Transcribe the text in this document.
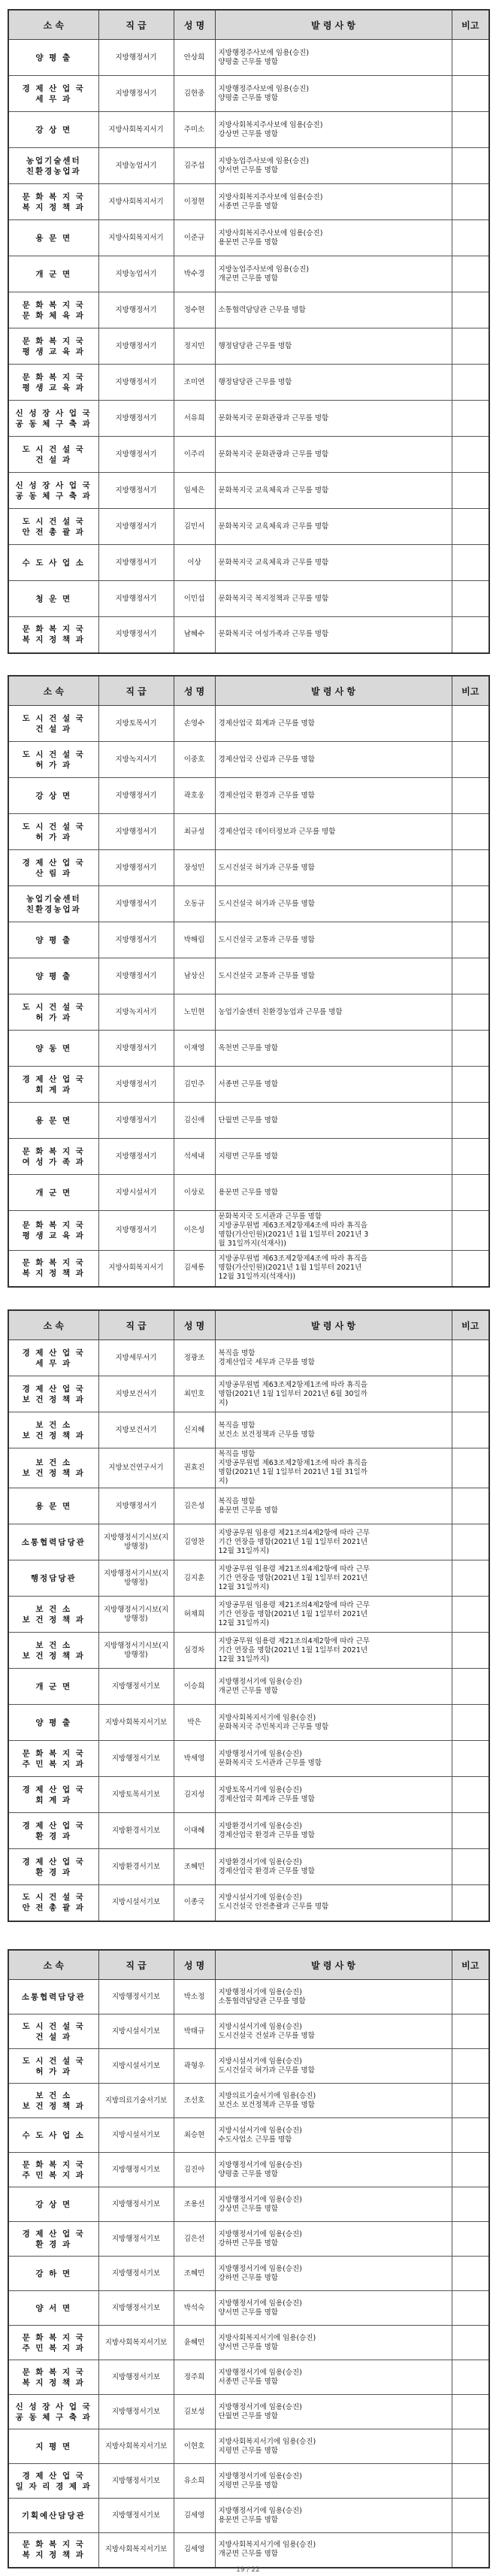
소 속	직 급	성 명	발 령 사 항	비고
양 평 출	지방행정서기	안상희	지방행정주사보에 임용(승진)
양평출 근무를 명함	
경 제 산 업 국
세 무 과	지방행정서기	김현중	지방행정주사보에 임용(승진)
양평출 근무를 명함	
강 상 면	지방사회복지서기	주미소	지방사회복지주사보에 임용(승진)
강상면 근무를 명함	
농업기술센터
친환경농업과	지방농업서기	김주섭	지방농업주사보에 임용(승진)
양서면 근무를 명함	
문 화 복 지 국
복 지 정 책 과	지방사회복지서기	이정현	지방사회복지주사보에 임용(승진)
서종면 근무를 명함	
용 문 면	지방사회복지서기	이준규	지방사회복지주사보에 임용(승진)
용문면 근무를 명함	
개 군 면	지방농업서기	박수경	지방농업주사보에 임용(승진)
개군면 근무를 명함	
문 화 복 지 국
문 화 체 육 과	지방행정서기	정수현	소통협력담당관 근무를 명함	
문 화 복 지 국
평 생 교 육 과	지방행정서기	정지민	행정담당관 근무를 명함	
문 화 복 지 국
평 생 교 육 과	지방행정서기	조미연	행정담당관 근무를 명함	
신 성 장 사 업 국
공 동 체 구 축 과	지방행정서기	서유희	문화복지국 문화관광과 근무를 명함	
도 시 건 설 국
건 설 과	지방행정서기	이주리	문화복지국 문화관광과 근무를 명함	
신 성 장 사 업 국
공 동 체 구 축 과	지방행정서기	임세은	문화복지국 교육체육과 근무를 명함	
도 시 건 설 국
안 전 총 괄 과	지방행정서기	김민서	문화복지국 교육체육과 근무를 명함	
수 도 사 업 소	지방행정서기	이상	문화복지국 교육체육과 근무를 명함	
청 운 면	지방행정서기	이민섭	문화복지국 복지정책과 근무를 명함	
문 화 복 지 국
복 지 정 책 과	지방행정서기	남혜수	문화복지국 여성가족과 근무를 명함	
소 속	직 급	성 명	발 령 사 항	비고
도 시 건 설 국
건 설 과	지방토목서기	손영수	경제산업국 회계과 근무를 명함	
도 시 건 설 국
허 가 과	지방녹지서기	이중호	경제산업국 산림과 근무를 명함	
강 상 면	지방행정서기	곽호웅	경제산업국 환경과 근무를 명함	
도 시 건 설 국
허 가 과	지방행정서기	최규성	경제산업국 데이터정보과 근무를 명함	
경 제 산 업 국
산 림 과	지방행정서기	장성민	도시건설국 허가과 근무를 명함	
농업기술센터
친환경농업과	지방행정서기	오동규	도시건설국 허가과 근무를 명함	
양 평 출	지방행정서기	박해림	도시건설국 교통과 근무를 명함	
양 평 출	지방행정서기	남상신	도시건설국 교통과 근무를 명함	
도 시 건 설 국
허 가 과	지방녹지서기	노민현	농업기술센터 친환경농업과 근무를 명함	
양 동 면	지방행정서기	이재영	옥천면 근무를 명함	
경 제 산 업 국
회 계 과	지방행정서기	김민주	서종면 근무를 명함	
용 문 면	지방행정서기	김신애	단월면 근무를 명함	
문 화 복 지 국
여 성 가 족 과	지방행정서기	석세내	지평면 근무를 명함	
개 군 면	지방시설서기	이상로	용문면 근무를 명함	
문 화 복 지 국
평 생 교 육 과	지방행정서기	이은성	문화복지국 도서관과 근무를 명함
지방공무원법 제63조제2항제4조에 따라 휴직을
명함(가산인원)(2021년 1월 1일부터 2021년 3
월 31일까지(석재사))	
문 화 복 지 국
복 지 정 책 과	지방사회복지서기	김세롱	지방공무원법 제63조제2항제4조에 따라 휴직을
명함(가산인원)(2021년 1월 1일부터 2021년
12월 31일까지(석재사))	
소 속	직 급	성 명	발 령 사 항	비고
경 제 산 업 국
세 무 과	지방세무서기	정광조	복직을 명함
경제산업국 세무과 근무를 명함	
경 제 산 업 국
보 건 정 책 과	지방보건서기	최민호	지방공무원법 제63조제2항제1조에 따라 휴직을
명함(2021년 1월 1일부터 2021년 6월 30일까
지)	
보 건 소
보 건 정 책 과	지방보건서기	신지혜	복직을 명함
보건소 보건정책과 근무를 명함	
보 건 소
보 건 정 책 과	지방보건연구서기	권효진	복직을 명함
지방공무원법 제63조제2항제1조에 따라 휴직을
명함(2021년 1월 1일부터 2021년 1월 31일까
지)	
용 문 면	지방행정서기	김은성	복직을 명함
용문면 근무를 명함	
소통협력담당관	지방행정서기시보(지방행정)	김영찬	지방공무원 임용령 제21조의4제2항에 따라 근무
기간 연장을 명함(2021년 1월 1일부터 2021년
12월 31일까지)	
행정담당관	지방행정서기시보(지방행정)	김지훈	지방공무원 임용령 제21조의4제2항에 따라 근무
기간 연장을 명함(2021년 1월 1일부터 2021년
12월 31일까지)	
보 건 소
보 건 정 책 과	지방행정서기시보(지방행정)	허채희	지방공무원 임용령 제21조의4제2항에 따라 근무
기간 연장을 명함(2021년 1월 1일부터 2021년
12월 31일까지)	
보 건 소
보 건 정 책 과	지방행정서기시보(지방행정)	심경차	지방공무원 임용령 제21조의4제2항에 따라 근무
기간 연장을 명함(2021년 1월 1일부터 2021년
12월 31일까지)	
개 군 면	지방행정서기보	이승희	지방행정서기에 임용(승진)
개군면 근무를 명함	
양 평 출	지방사회복지서기보	박은	지방사회복지서기에 임용(승진)
문화복지국 주민복지과 근무를 명함	
문 화 복 지 국
주 민 복 지 과	지방행정서기보	박세영	지방행정서기에 임용(승진)
문화복지국 도서관과 근무를 명함	
경 제 산 업 국
회 계 과	지방토목서기보	김지성	지방토목서기에 임용(승진)
경제산업국 회계과 근무를 명함	
경 제 산 업 국
환 경 과	지방환경서기보	이대혜	지방환경서기에 임용(승진)
경제산업국 환경과 근무를 명함	
경 제 산 업 국
환 경 과	지방환경서기보	조혜민	지방환경서기에 임용(승진)
경제산업국 환경과 근무를 명함	
도 시 건 설 국
안 전 총 괄 과	지방시설서기보	이종국	지방시설서기에 임용(승진)
도시건설국 안전총괄과 근무를 명함	
소 속	직 급	성 명	발 령 사 항	비고
소통협력담당관	지방행정서기보	박소정	지방행정서기에 임용(승진)
소통협력담당관 근무를 명함	
도 시 건 설 국
건 설 과	지방시설서기보	박태규	지방시설서기에 임용(승진)
도시건설국 건설과 근무를 명함	
도 시 건 설 국
허 가 과	지방시설서기보	곽형우	지방시설서기에 임용(승진)
도시건설국 허가과 근무를 명함	
보 건 소
보 건 정 책 과	지방의료기술서기보	조선호	지방의료기술서기에 임용(승진)
보건소 보건정책과 근무를 명함	
수 도 사 업 소	지방시설서기보	최승현	지방시설서기에 임용(승진)
수도사업소 근무를 명함	
문 화 복 지 국
주 민 복 지 과	지방행정서기보	김진아	지방행정서기에 임용(승진)
양평출 근무를 명함	
강 상 면	지방행정서기보	조용선	지방행정서기에 임용(승진)
강상면 근무를 명함	
경 제 산 업 국
환 경 과	지방행정서기보	김은선	지방행정서기에 임용(승진)
강하면 근무를 명함	
강 하 면	지방행정서기보	조혜민	지방행정서기에 임용(승진)
강하면 근무를 명함	
양 서 면	지방행정서기보	박석숙	지방행정서기에 임용(승진)
양서면 근무를 명함	
문 화 복 지 국
주 민 복 지 과	지방사회복지서기보	윤혜민	지방사회복지서기에 임용(승진)
양서면 근무를 명함	
문 화 복 지 국
복 지 정 책 과	지방행정서기보	정주희	지방행정서기에 임용(승진)
서종면 근무를 명함	
신 성 장 사 업 국
공 동 체 구 축 과	지방행정서기보	김보성	지방행정서기에 임용(승진)
단월면 근무를 명함	
지 평 면	지방사회복지서기보	이현호	지방사회복지서기에 임용(승진)
지평면 근무를 명함	
경 제 산 업 국
일 자 리 경 제 과	지방행정서기보	유소희	지방행정서기에 임용(승진)
지평면 근무를 명함	
기획예산담당관	지방행정서기보	김세영	지방행정서기에 임용(승진)
용문면 근무를 명함	
문 화 복 지 국
복 지 정 책 과	지방사회복지서기보	김세영	지방사회복지서기에 임용(승진)
개군면 근무를 명함	
19 / 22
